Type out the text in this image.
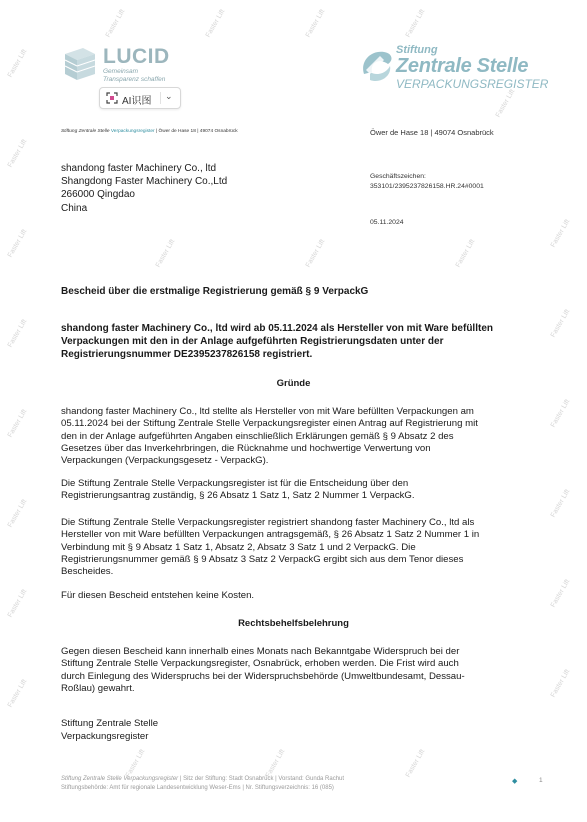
Faster Lift
Faster Lift
Faster Lift
Faster Lift
Faster Lift
Faster Lift
Faster Lift
Faster Lift
Faster Lift	Faster Lift	Faster Lift	Faster Lift
Faster Lift
Faster Lift
Faster Lift
Faster Lift
Faster Lift
Faster Lift
Faster Lift
Faster Lift	Faster Lift	Faster Lift
Faster Lift	Faster Lift	Faster Lift
LUCID
Gemeinsam
Transparenz schaffen
AI识图 ⌄
Stiftung
Zentrale Stelle
VERPACKUNGSREGISTER
Stiftung Zentrale Stelle Verpackungsregister | Öwer de Hase 18 | 49074 Osnabrück	Öwer de Hase 18 | 49074 Osnabrück
shandong faster Machinery Co., ltd
Shangdong Faster Machinery Co.,Ltd
266000 Qingdao
China
Geschäftszeichen:
353101/2395237826158.HR.24#0001
05.11.2024
Bescheid über die erstmalige Registrierung gemäß § 9 VerpackG
shandong faster Machinery Co., ltd wird ab 05.11.2024 als Hersteller von mit Ware befüllten
Verpackungen mit den in der Anlage aufgeführten Registrierungsdaten unter der
Registrierungsnummer DE2395237826158 registriert.
Gründe
shandong faster Machinery Co., ltd stellte als Hersteller von mit Ware befüllten Verpackungen am
05.11.2024 bei der Stiftung Zentrale Stelle Verpackungsregister einen Antrag auf Registrierung mit
den in der Anlage aufgeführten Angaben einschließlich Erklärungen gemäß § 9 Absatz 2 des
Gesetzes über das Inverkehrbringen, die Rücknahme und hochwertige Verwertung von
Verpackungen (Verpackungsgesetz - VerpackG).
Die Stiftung Zentrale Stelle Verpackungsregister ist für die Entscheidung über den
Registrierungsantrag zuständig, § 26 Absatz 1 Satz 1, Satz 2 Nummer 1 VerpackG.
Die Stiftung Zentrale Stelle Verpackungsregister registriert shandong faster Machinery Co., ltd als
Hersteller von mit Ware befüllten Verpackungen antragsgemäß, § 26 Absatz 1 Satz 2 Nummer 1 in
Verbindung mit § 9 Absatz 1 Satz 1, Absatz 2, Absatz 3 Satz 1 und 2 VerpackG. Die
Registrierungsnummer gemäß § 9 Absatz 3 Satz 2 VerpackG ergibt sich aus dem Tenor dieses
Bescheides.
Für diesen Bescheid entstehen keine Kosten.
Rechtsbehelfsbelehrung
Gegen diesen Bescheid kann innerhalb eines Monats nach Bekanntgabe Widerspruch bei der
Stiftung Zentrale Stelle Verpackungsregister, Osnabrück, erhoben werden. Die Frist wird auch
durch Einlegung des Widerspruchs bei der Widerspruchsbehörde (Umweltbundesamt, Dessau-
Roßlau) gewahrt.
Stiftung Zentrale Stelle
Verpackungsregister
Stiftung Zentrale Stelle Verpackungsregister | Sitz der Stiftung: Stadt Osnabrück | Vorstand: Gunda Rachut
Stiftungsbehörde: Amt für regionale Landesentwicklung Weser-Ems | Nr. Stiftungsverzeichnis: 16 (085)
◆	1
